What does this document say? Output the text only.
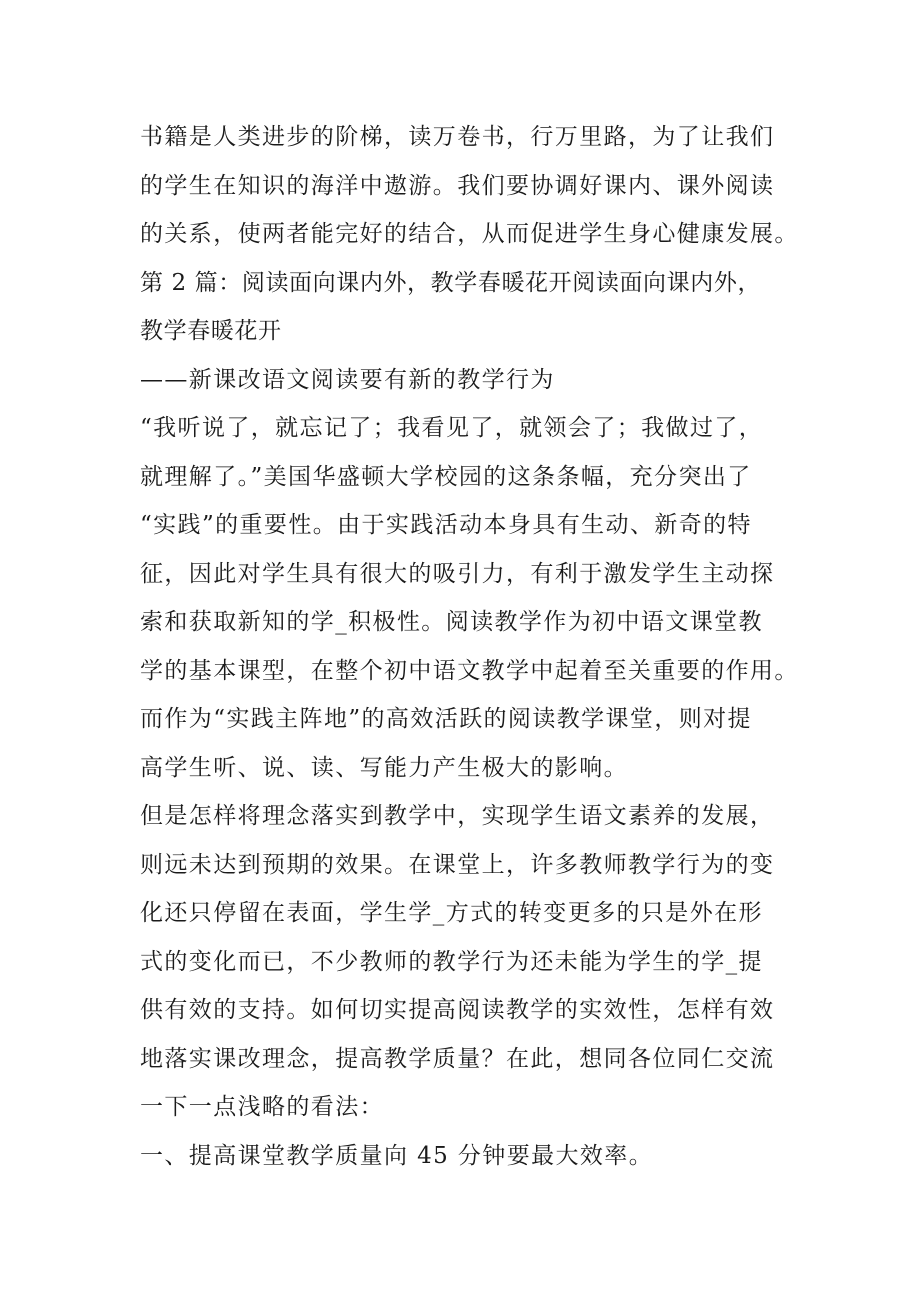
书籍是人类进步的阶梯，读万卷书，行万里路，为了让我们
的学生在知识的海洋中遨游。我们要协调好课内、课外阅读
的关系，使两者能完好的结合，从而促进学生身心健康发展。
第 2 篇：阅读面向课内外，教学春暖花开阅读面向课内外，
教学春暖花开
——新课改语文阅读要有新的教学行为
“我听说了，就忘记了；我看见了，就领会了；我做过了，
就理解了。”美国华盛顿大学校园的这条条幅，充分突出了
“实践”的重要性。由于实践活动本身具有生动、新奇的特
征，因此对学生具有很大的吸引力，有利于激发学生主动探
索和获取新知的学_积极性。阅读教学作为初中语文课堂教
学的基本课型，在整个初中语文教学中起着至关重要的作用。
而作为“实践主阵地”的高效活跃的阅读教学课堂，则对提
高学生听、说、读、写能力产生极大的影响。
但是怎样将理念落实到教学中，实现学生语文素养的发展，
则远未达到预期的效果。在课堂上，许多教师教学行为的变
化还只停留在表面，学生学_方式的转变更多的只是外在形
式的变化而已，不少教师的教学行为还未能为学生的学_提
供有效的支持。如何切实提高阅读教学的实效性，怎样有效
地落实课改理念，提高教学质量？在此，想同各位同仁交流
一下一点浅略的看法：
一、提高课堂教学质量向 45 分钟要最大效率。
